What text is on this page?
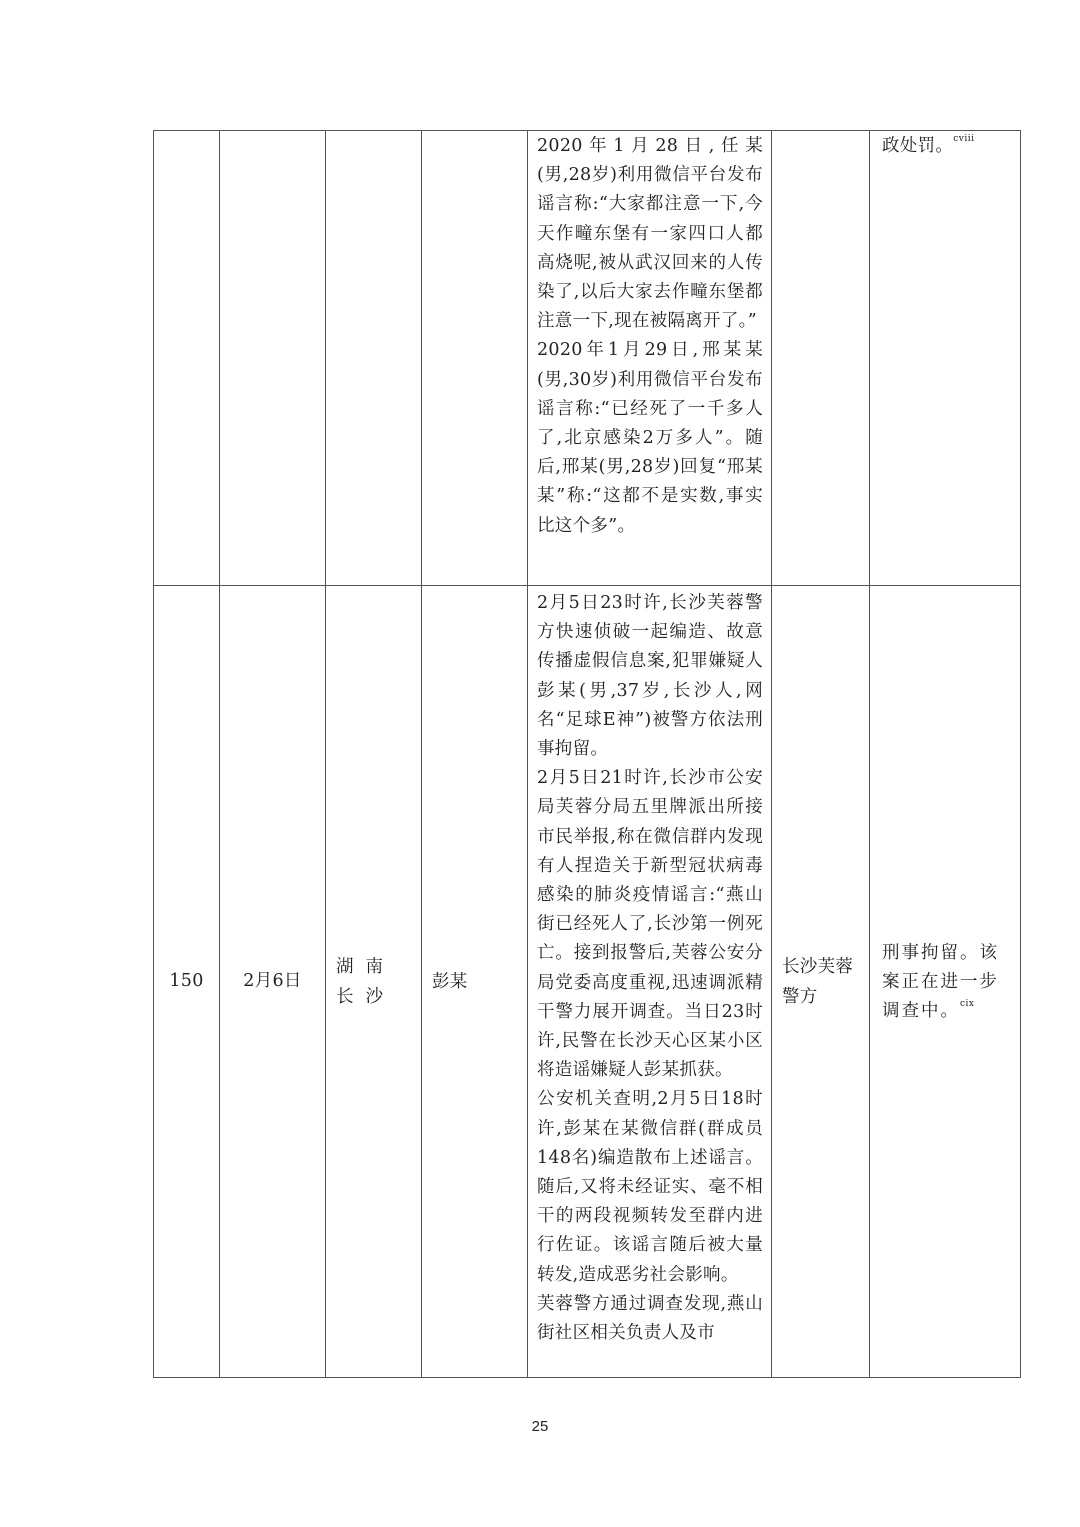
				2020年1月28日,任某(男,28岁)利用微信平台发布谣言称:“大家都注意一下,今天作疃东堡有一家四口人都高烧呢,被从武汉回来的人传染了,以后大家去作疃东堡都注意一下,现在被隔离开了。”

2020年1月29日,邢某某(男,30岁)利用微信平台发布谣言称:“已经死了一千多人了,北京感染2万多人”。随后,邢某(男,28岁)回复“邢某某”称:“这都不是实数,事实比这个多”。		政处罚。$^{cviii}$

150	2月6日	湖南长沙	彭某	2月5日23时许,长沙芙蓉警方快速侦破一起编造、故意传播虚假信息案,犯罪嫌疑人彭某(男,37岁,长沙人,网名“足球E神”)被警方依法刑事拘留。

2月5日21时许,长沙市公安局芙蓉分局五里牌派出所接市民举报,称在微信群内发现有人捏造关于新型冠状病毒感染的肺炎疫情谣言:“燕山街已经死人了,长沙第一例死亡。接到报警后,芙蓉公安分局党委高度重视,迅速调派精干警力展开调查。当日23时许,民警在长沙天心区某小区将造谣嫌疑人彭某抓获。

公安机关查明,2月5日18时许,彭某在某微信群(群成员148名)编造散布上述谣言。 随后,又将未经证实、毫不相干的两段视频转发至群内进行佐证。该谣言随后被大量转发,造成恶劣社会影响。

芙蓉警方通过调查发现,燕山街社区相关负责人及市	长沙芙蓉警方	刑事拘留。该案正在进一步调查中。$^{cix}$
25
